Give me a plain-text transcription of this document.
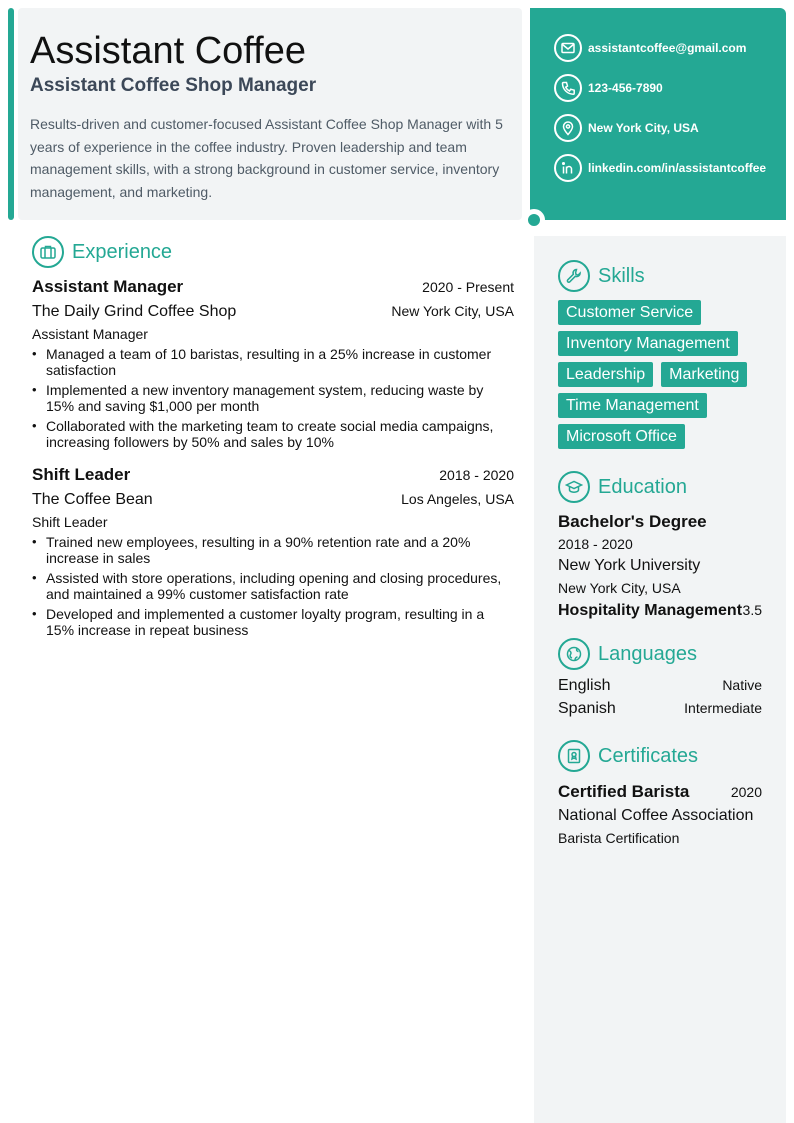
Assistant Coffee
Assistant Coffee Shop Manager
Results-driven and customer-focused Assistant Coffee Shop Manager with 5 years of experience in the coffee industry. Proven leadership and team management skills, with a strong background in customer service, inventory management, and marketing.
assistantcoffee@gmail.com
123-456-7890
New York City, USA
linkedin.com/in/assistantcoffee
Experience
Assistant Manager	2020 - Present
The Daily Grind Coffee Shop	New York City, USA
Assistant Manager
• Managed a team of 10 baristas, resulting in a 25% increase in customer satisfaction
• Implemented a new inventory management system, reducing waste by 15% and saving $1,000 per month
• Collaborated with the marketing team to create social media campaigns, increasing followers by 50% and sales by 10%
Shift Leader	2018 - 2020
The Coffee Bean	Los Angeles, USA
Shift Leader
• Trained new employees, resulting in a 90% retention rate and a 20% increase in sales
• Assisted with store operations, including opening and closing procedures, and maintained a 99% customer satisfaction rate
• Developed and implemented a customer loyalty program, resulting in a 15% increase in repeat business
Skills
Customer Service
Inventory Management
Leadership	Marketing
Time Management
Microsoft Office
Education
Bachelor's Degree
2018 - 2020
New York University
New York City, USA
Hospitality Management 3.5
Languages
English	Native
Spanish	Intermediate
Certificates
Certified Barista	2020
National Coffee Association
Barista Certification
